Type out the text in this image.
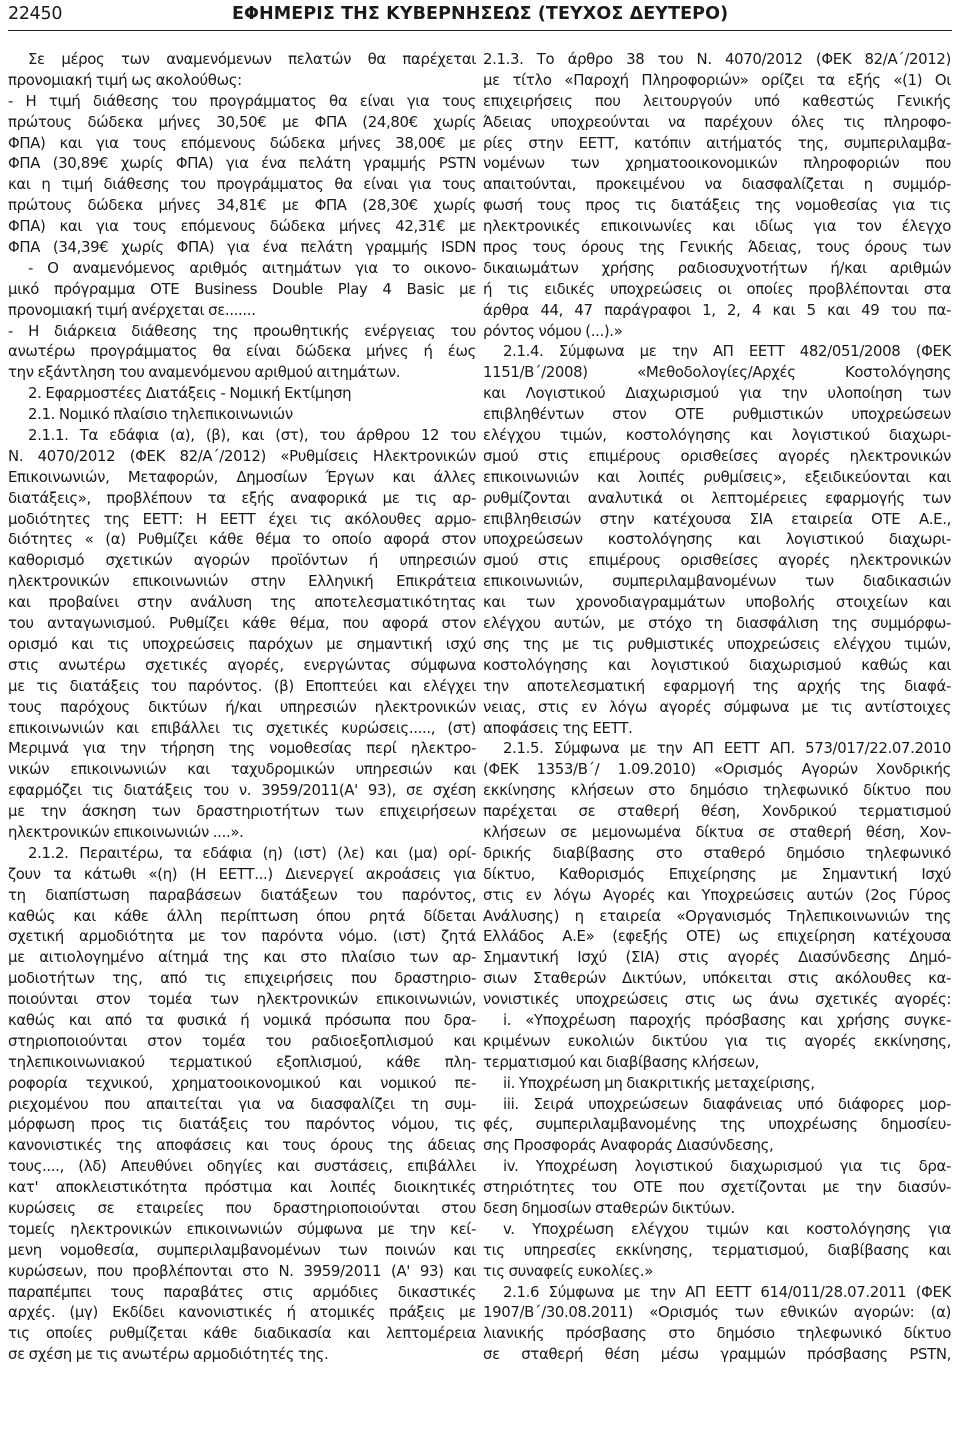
22450	ΕΦΗΜΕΡΙΣ ΤΗΣ ΚΥΒΕΡΝΗΣΕΩΣ (ΤΕΥΧΟΣ ΔΕΥΤΕΡΟ)
Σε μέρος των αναμενόμενων πελατών θα παρέχεται
προνομιακή τιμή ως ακολούθως:
- Η τιμή διάθεσης του προγράμματος θα είναι για τους
πρώτους δώδεκα μήνες 30,50€ με ΦΠΑ (24,80€ χωρίς
ΦΠΑ) και για τους επόμενους δώδεκα μήνες 38,00€ με
ΦΠΑ (30,89€ χωρίς ΦΠΑ) για ένα πελάτη γραμμής PSTN
και η τιμή διάθεσης του προγράμματος θα είναι για τους
πρώτους δώδεκα μήνες 34,81€ με ΦΠΑ (28,30€ χωρίς
ΦΠΑ) και για τους επόμενους δώδεκα μήνες 42,31€ με
ΦΠΑ (34,39€ χωρίς ΦΠΑ) για ένα πελάτη γραμμής ISDN
- Ο αναμενόμενος αριθμός αιτημάτων για το οικονο-
μικό πρόγραμμα ΟΤΕ Business Double Play 4 Basic με
προνομιακή τιμή ανέρχεται σε.......
- Η διάρκεια διάθεσης της προωθητικής ενέργειας του
ανωτέρω προγράμματος θα είναι δώδεκα μήνες ή έως
την εξάντληση του αναμενόμενου αριθμού αιτημάτων.
2. Εφαρμοστέες Διατάξεις - Νομική Εκτίμηση
2.1. Νομικό πλαίσιο τηλεπικοινωνιών
2.1.1. Τα εδάφια (α), (β), και (στ), του άρθρου 12 του
Ν. 4070/2012 (ΦΕΚ 82/Α΄/2012) «Ρυθμίσεις Ηλεκτρονικών
Επικοινωνιών, Μεταφορών, Δημοσίων Έργων και άλλες
διατάξεις», προβλέπουν τα εξής αναφορικά με τις αρ-
μοδιότητες της ΕΕΤΤ: Η ΕΕΤΤ έχει τις ακόλουθες αρμο-
διότητες « (α) Ρυθμίζει κάθε θέμα το οποίο αφορά στον
καθορισμό σχετικών αγορών προϊόντων ή υπηρεσιών
ηλεκτρονικών επικοινωνιών στην Ελληνική Επικράτεια
και προβαίνει στην ανάλυση της αποτελεσματικότητας
του ανταγωνισμού. Ρυθμίζει κάθε θέμα, που αφορά στον
ορισμό και τις υποχρεώσεις παρόχων με σημαντική ισχύ
στις ανωτέρω σχετικές αγορές, ενεργώντας σύμφωνα
με τις διατάξεις του παρόντος. (β) Εποπτεύει και ελέγχει
τους παρόχους δικτύων ή/και υπηρεσιών ηλεκτρονικών
επικοινωνιών και επιβάλλει τις σχετικές κυρώσεις....., (στ)
Μεριμνά για την τήρηση της νομοθεσίας περί ηλεκτρο-
νικών επικοινωνιών και ταχυδρομικών υπηρεσιών και
εφαρμόζει τις διατάξεις του ν. 3959/2011(Α' 93), σε σχέση
με την άσκηση των δραστηριοτήτων των επιχειρήσεων
ηλεκτρονικών επικοινωνιών ....».
2.1.2. Περαιτέρω, τα εδάφια (η) (ιστ) (λε) και (μα) ορί-
ζουν τα κάτωθι «(η) (Η ΕΕΤΤ...) Διενεργεί ακροάσεις για
τη διαπίστωση παραβάσεων διατάξεων του παρόντος,
καθώς και κάθε άλλη περίπτωση όπου ρητά δίδεται
σχετική αρμοδιότητα με τον παρόντα νόμο. (ιστ) ζητά
με αιτιολογημένο αίτημά της και στο πλαίσιο των αρ-
μοδιοτήτων της, από τις επιχειρήσεις που δραστηριο-
ποιούνται στον τομέα των ηλεκτρονικών επικοινωνιών,
καθώς και από τα φυσικά ή νομικά πρόσωπα που δρα-
στηριοποιούνται στον τομέα του ραδιοεξοπλισμού και
τηλεπικοινωνιακού τερματικού εξοπλισμού, κάθε πλη-
ροφορία τεχνικού, χρηματοοικονομικού και νομικού πε-
ριεχομένου που απαιτείται για να διασφαλίζει τη συμ-
μόρφωση προς τις διατάξεις του παρόντος νόμου, τις
κανονιστικές της αποφάσεις και τους όρους της άδειας
τους...., (λδ) Απευθύνει οδηγίες και συστάσεις, επιβάλλει
κατ' αποκλειστικότητα πρόστιμα και λοιπές διοικητικές
κυρώσεις σε εταιρείες που δραστηριοποιούνται στου
τομείς ηλεκτρονικών επικοινωνιών σύμφωνα με την κεί-
μενη νομοθεσία, συμπεριλαμβανομένων των ποινών και
κυρώσεων, που προβλέπονται στο Ν. 3959/2011 (Α' 93) και
παραπέμπει τους παραβάτες στις αρμόδιες δικαστικές
αρχές. (μγ) Εκδίδει κανονιστικές ή ατομικές πράξεις με
τις οποίες ρυθμίζεται κάθε διαδικασία και λεπτομέρεια
σε σχέση με τις ανωτέρω αρμοδιότητές της.
2.1.3. Το άρθρο 38 του Ν. 4070/2012 (ΦΕΚ 82/Α΄/2012)
με τίτλο «Παροχή Πληροφοριών» ορίζει τα εξής «(1) Οι
επιχειρήσεις που λειτουργούν υπό καθεστώς Γενικής
Άδειας υποχρεούνται να παρέχουν όλες τις πληροφο-
ρίες στην ΕΕΤΤ, κατόπιν αιτήματός της, συμπεριλαμβα-
νομένων των χρηματοοικονομικών πληροφοριών που
απαιτούνται, προκειμένου να διασφαλίζεται η συμμόρ-
φωσή τους προς τις διατάξεις της νομοθεσίας για τις
ηλεκτρονικές επικοινωνίες και ιδίως για τον έλεγχο
προς τους όρους της Γενικής Άδειας, τους όρους των
δικαιωμάτων χρήσης ραδιοσυχνοτήτων ή/και αριθμών
ή τις ειδικές υποχρεώσεις οι οποίες προβλέπονται στα
άρθρα 44, 47 παράγραφοι 1, 2, 4 και 5 και 49 του πα-
ρόντος νόμου (...).»
2.1.4. Σύμφωνα με την ΑΠ ΕΕΤΤ 482/051/2008 (ΦΕΚ
1151/Β΄/2008) «Μεθοδολογίες/Αρχές Κοστολόγησης
και Λογιστικού Διαχωρισμού για την υλοποίηση των
επιβληθέντων στον ΟΤΕ ρυθμιστικών υποχρεώσεων
ελέγχου τιμών, κοστολόγησης και λογιστικού διαχωρι-
σμού στις επιμέρους ορισθείσες αγορές ηλεκτρονικών
επικοινωνιών και λοιπές ρυθμίσεις», εξειδικεύονται και
ρυθμίζονται αναλυτικά οι λεπτομέρειες εφαρμογής των
επιβληθεισών στην κατέχουσα ΣΙΑ εταιρεία ΟΤΕ Α.Ε.,
υποχρεώσεων κοστολόγησης και λογιστικού διαχωρι-
σμού στις επιμέρους ορισθείσες αγορές ηλεκτρονικών
επικοινωνιών, συμπεριλαμβανομένων των διαδικασιών
και των χρονοδιαγραμμάτων υποβολής στοιχείων και
ελέγχου αυτών, με στόχο τη διασφάλιση της συμμόρφω-
σης της με τις ρυθμιστικές υποχρεώσεις ελέγχου τιμών,
κοστολόγησης και λογιστικού διαχωρισμού καθώς και
την αποτελεσματική εφαρμογή της αρχής της διαφά-
νειας, στις εν λόγω αγορές σύμφωνα με τις αντίστοιχες
αποφάσεις της ΕΕΤΤ.
2.1.5. Σύμφωνα με την ΑΠ ΕΕΤΤ ΑΠ. 573/017/22.07.2010
(ΦΕΚ 1353/Β΄/ 1.09.2010) «Ορισμός Αγορών Χονδρικής
εκκίνησης κλήσεων στο δημόσιο τηλεφωνικό δίκτυο που
παρέχεται σε σταθερή θέση, Χονδρικού τερματισμού
κλήσεων σε μεμονωμένα δίκτυα σε σταθερή θέση, Χον-
δρικής διαβίβασης στο σταθερό δημόσιο τηλεφωνικό
δίκτυο, Καθορισμός Επιχείρησης με Σημαντική Ισχύ
στις εν λόγω Αγορές και Υποχρεώσεις αυτών (2ος Γύρος
Ανάλυσης) η εταιρεία «Οργανισμός Τηλεπικοινωνιών της
Ελλάδος Α.Ε» (εφεξής ΟΤΕ) ως επιχείρηση κατέχουσα
Σημαντική Ισχύ (ΣΙΑ) στις αγορές Διασύνδεσης Δημό-
σιων Σταθερών Δικτύων, υπόκειται στις ακόλουθες κα-
νονιστικές υποχρεώσεις στις ως άνω σχετικές αγορές:
i. «Υποχρέωση παροχής πρόσβασης και χρήσης συγκε-
κριμένων ευκολιών δικτύου για τις αγορές εκκίνησης,
τερματισμού και διαβίβασης κλήσεων,
ii. Υποχρέωση μη διακριτικής μεταχείρισης,
iii. Σειρά υποχρεώσεων διαφάνειας υπό διάφορες μορ-
φές, συμπεριλαμβανομένης της υποχρέωσης δημοσίευ-
σης Προσφοράς Αναφοράς Διασύνδεσης,
iv. Υποχρέωση λογιστικού διαχωρισμού για τις δρα-
στηριότητες του ΟΤΕ που σχετίζονται με την διασύν-
δεση δημοσίων σταθερών δικτύων.
v. Υποχρέωση ελέγχου τιμών και κοστολόγησης για
τις υπηρεσίες εκκίνησης, τερματισμού, διαβίβασης και
τις συναφείς ευκολίες.»
2.1.6 Σύμφωνα με την ΑΠ ΕΕΤΤ 614/011/28.07.2011 (ΦΕΚ
1907/Β΄/30.08.2011) «Ορισμός των εθνικών αγορών: (α)
λιανικής πρόσβασης στο δημόσιο τηλεφωνικό δίκτυο
σε σταθερή θέση μέσω γραμμών πρόσβασης PSTN,
